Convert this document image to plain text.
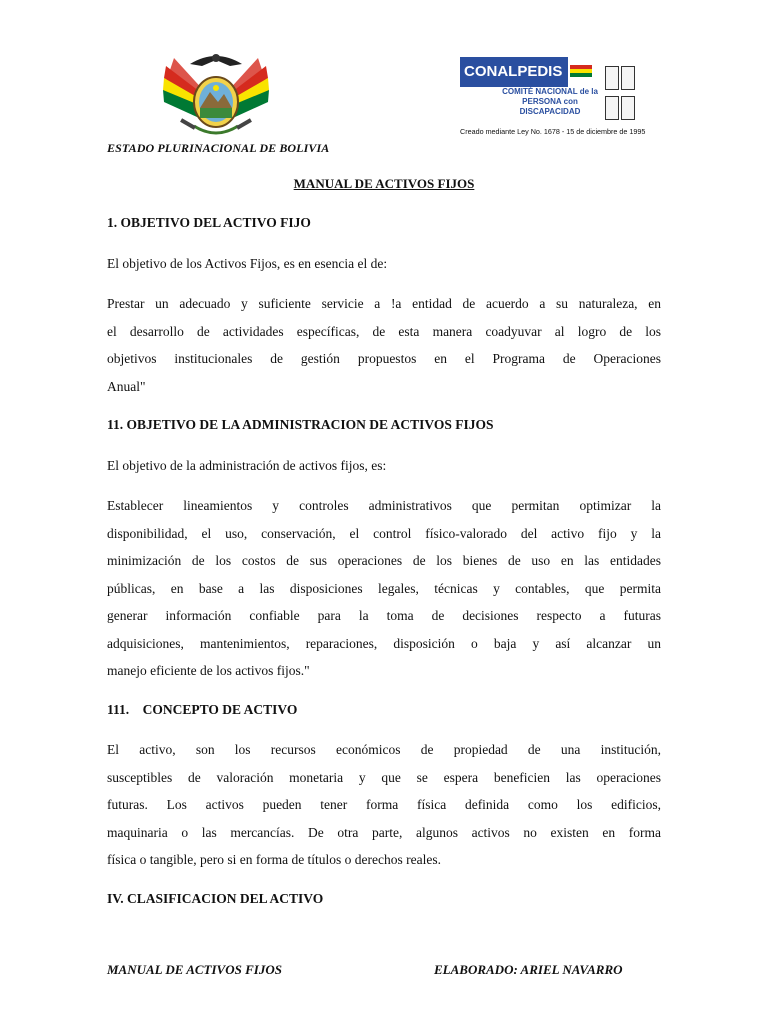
ESTADO PLURINACIONAL DE BOLIVIA
CONALPEDIS
COMITÉ NACIONAL de la
PERSONA con
DISCAPACIDAD
Creado mediante Ley No. 1678 - 15 de diciembre de 1995
MANUAL DE ACTIVOS FIJOS
1. OBJETIVO DEL ACTIVO FIJO
El objetivo de los Activos Fijos, es en esencia el de:
Prestar un adecuado y suficiente servicie a !a entidad de acuerdo a su naturaleza, en
el desarrollo de actividades específicas, de esta manera coadyuvar al logro de los
objetivos institucionales de gestión propuestos en el Programa de Operaciones
Anual"
11. OBJETIVO DE LA ADMINISTRACION DE ACTIVOS FIJOS
El objetivo de la administración de activos fijos, es:
Establecer lineamientos y controles administrativos que permitan optimizar la
disponibilidad, el uso, conservación, el control físico-valorado del activo fijo y la
minimización de los costos de sus operaciones de los bienes de uso en las entidades
públicas, en base a las disposiciones legales, técnicas y contables, que permita
generar información confiable para la toma de decisiones respecto a futuras
adquisiciones, mantenimientos, reparaciones, disposición o baja y así alcanzar un
manejo eficiente de los activos fijos."
111.    CONCEPTO DE ACTIVO
El activo, son los recursos económicos de propiedad de una institución,
susceptibles de valoración monetaria y que se espera beneficien las operaciones
futuras. Los activos pueden tener forma física definida como los edificios,
maquinaria o las mercancías. De otra parte, algunos activos no existen en forma
física o tangible, pero si en forma de títulos o derechos reales.
IV. CLASIFICACION DEL ACTIVO
MANUAL DE ACTIVOS FIJOS	ELABORADO: ARIEL NAVARRO
